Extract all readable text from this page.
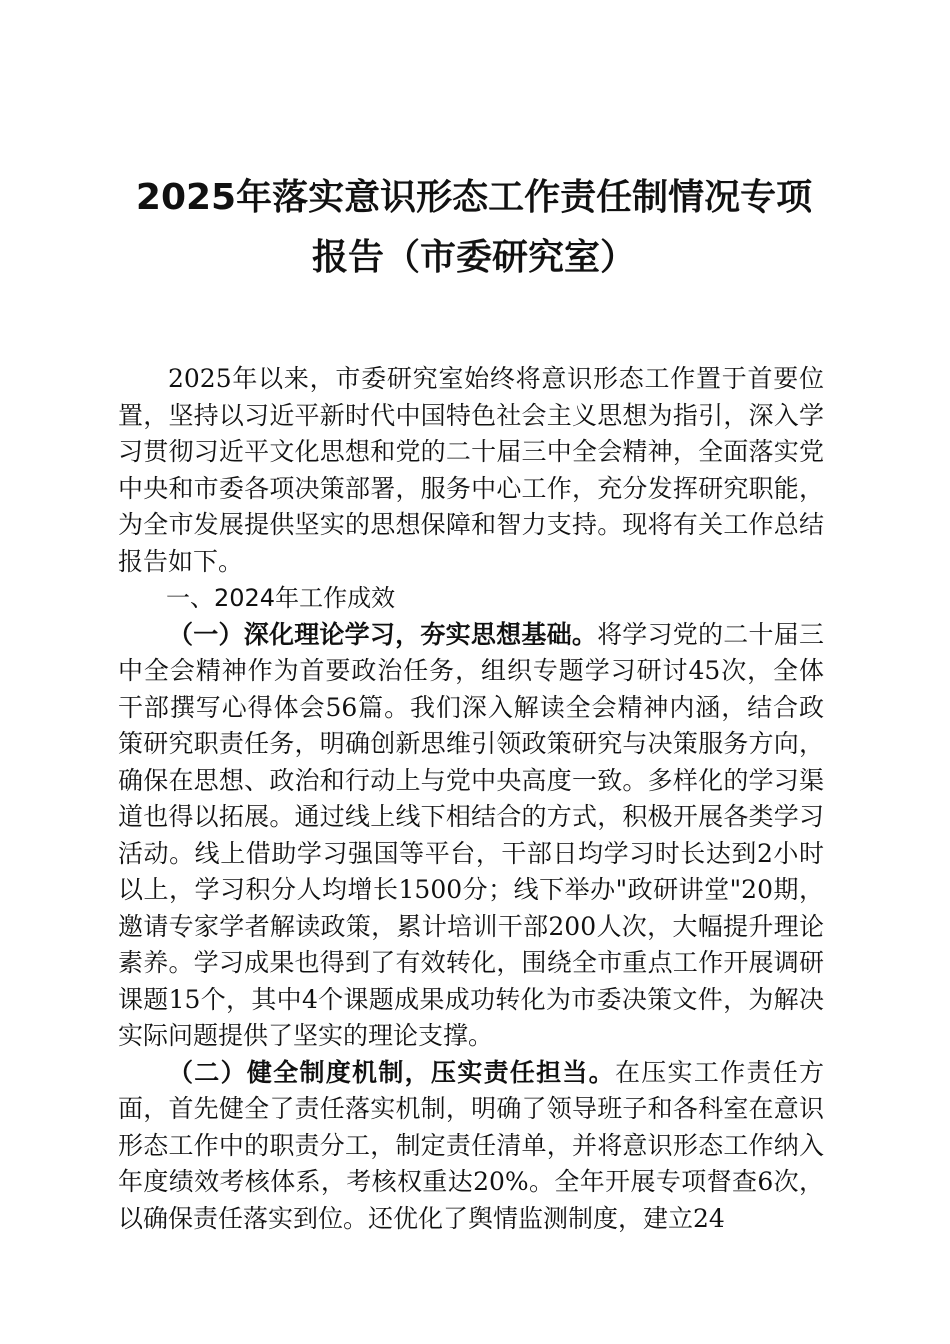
2025年落实意识形态工作责任制情况专项报告（市委研究室）

2025年以来，市委研究室始终将意识形态工作置于首要位置，坚持以习近平新时代中国特色社会主义思想为指引，深入学习贯彻习近平文化思想和党的二十届三中全会精神，全面落实党中央和市委各项决策部署，服务中心工作，充分发挥研究职能，为全市发展提供坚实的思想保障和智力支持。现将有关工作总结报告如下。

一、2024年工作成效

（一）深化理论学习，夯实思想基础。将学习党的二十届三中全会精神作为首要政治任务，组织专题学习研讨45次，全体干部撰写心得体会56篇。我们深入解读全会精神内涵，结合政策研究职责任务，明确创新思维引领政策研究与决策服务方向，确保在思想、政治和行动上与党中央高度一致。多样化的学习渠道也得以拓展。通过线上线下相结合的方式，积极开展各类学习活动。线上借助学习强国等平台，干部日均学习时长达到2小时以上，学习积分人均增长1500分；线下举办"政研讲堂"20期，邀请专家学者解读政策，累计培训干部200人次，大幅提升理论素养。学习成果也得到了有效转化，围绕全市重点工作开展调研课题15个，其中4个课题成果成功转化为市委决策文件，为解决实际问题提供了坚实的理论支撑。

（二）健全制度机制，压实责任担当。在压实工作责任方面，首先健全了责任落实机制，明确了领导班子和各科室在意识形态工作中的职责分工，制定责任清单，并将意识形态工作纳入年度绩效考核体系，考核权重达20%。全年开展专项督查6次，以确保责任落实到位。还优化了舆情监测制度，建立24
